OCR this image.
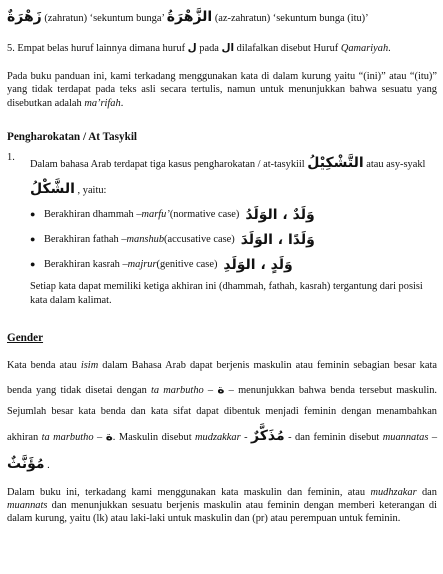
زَهْرَةٌ (zahratun) ‘sekuntum bunga’ الزَّهْرَةُ (az-zahratun) ‘sekuntum bunga (itu)’

5. Empat belas huruf lainnya dimana huruf ل pada ال dilafalkan disebut Huruf Qamariyah.

Pada buku panduan ini, kami terkadang menggunakan kata di dalam kurung yaitu “(ini)” atau “(itu)” yang tidak terdapat pada teks asli secara tertulis, namun untuk menunjukkan bahwa sesuatu yang disebutkan adalah ma’rifah.

Pengharokatan / At Tasykil
1.
Dalam bahasa Arab terdapat tiga kasus pengharokatan / at-tasykiil التَّشْكِيْلُ atau asy-syakl الشَّكْلُ , yaitu:
● Berakhiran dhammah – marfu’ (normative case) وَلَدٌ ، الوَلَدُ
● Berakhiran fathah – manshub (accusative case) وَلَدًا ، الوَلَدَ
● Berakhiran kasrah – majrur (genitive case) وَلَدٍ ، الوَلَدِ

Setiap kata dapat memiliki ketiga akhiran ini (dhammah, fathah, kasrah) tergantung dari posisi kata dalam kalimat.

Gender

Kata benda atau isim dalam Bahasa Arab dapat berjenis maskulin atau feminin sebagian besar kata benda yang tidak disetai dengan ta marbutho – ة – menunjukkan bahwa benda tersebut maskulin. Sejumlah besar kata benda dan kata sifat dapat dibentuk menjadi feminin dengan menambahkan akhiran ta marbutho – ة. Maskulin disebut mudzakkar - مُذَكَّرٌ - dan feminin disebut muannatas – مُؤَنَّثٌ .

Dalam buku ini, terkadang kami menggunakan kata maskulin dan feminin, atau mudhzakar dan muannats dan menunjukkan sesuatu berjenis maskulin atau feminin dengan memberi keterangan di dalam kurung, yaitu (lk) atau laki-laki untuk maskulin dan (pr) atau perempuan untuk feminin.
